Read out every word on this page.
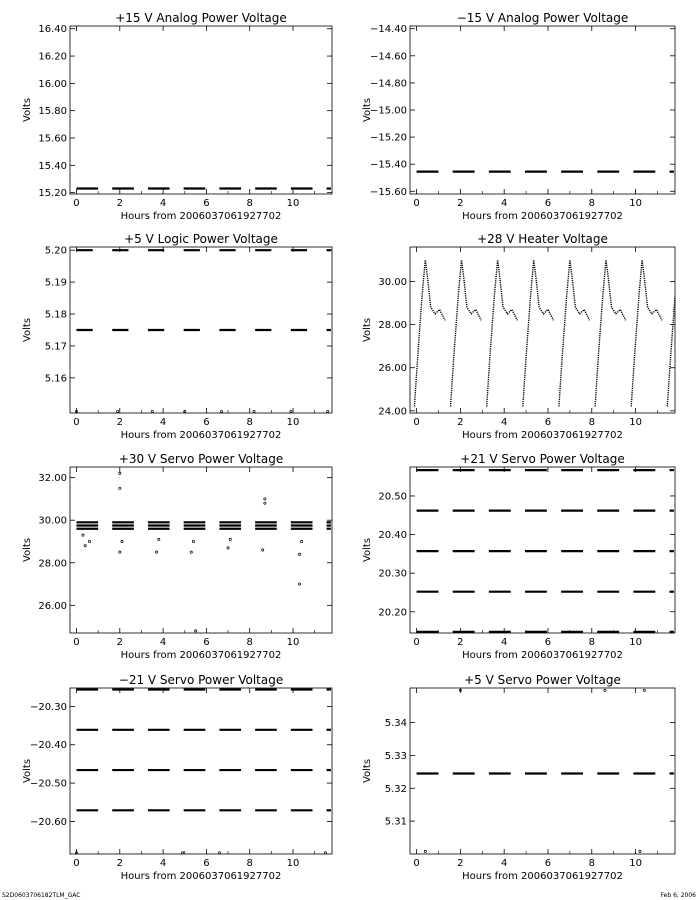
+15 V Analog Power Voltage
0	2	4	6	8	10
15.20
15.40
15.60
15.80
16.00
16.20
16.40
Hours from 2006037061927702
Volts
−15 V Analog Power Voltage
0	2	4	6	8	10
−15.60
−15.40
−15.20
−15.00
−14.80
−14.60
−14.40
Hours from 2006037061927702
Volts
+5 V Logic Power Voltage
0	2	4	6	8	10
5.16
5.17
5.18
5.19
5.20
Hours from 2006037061927702
Volts
+28 V Heater Voltage
0	2	4	6	8	10
24.00
26.00
28.00
30.00
Hours from 2006037061927702
Volts
+30 V Servo Power Voltage
0	2	4	6	8	10
26.00
28.00
30.00
32.00
Hours from 2006037061927702
Volts
+21 V Servo Power Voltage
0	2	4	6	8	10
20.20
20.30
20.40
20.50
Hours from 2006037061927702
Volts
−21 V Servo Power Voltage
0	2	4	6	8	10
−20.60
−20.50
−20.40
−20.30
Hours from 2006037061927702
Volts
+5 V Servo Power Voltage
0	2	4	6	8	10
5.31
5.32
5.33
5.34
Hours from 2006037061927702
Volts
S2D0603706182TLM_GAC	Feb 6, 2006
